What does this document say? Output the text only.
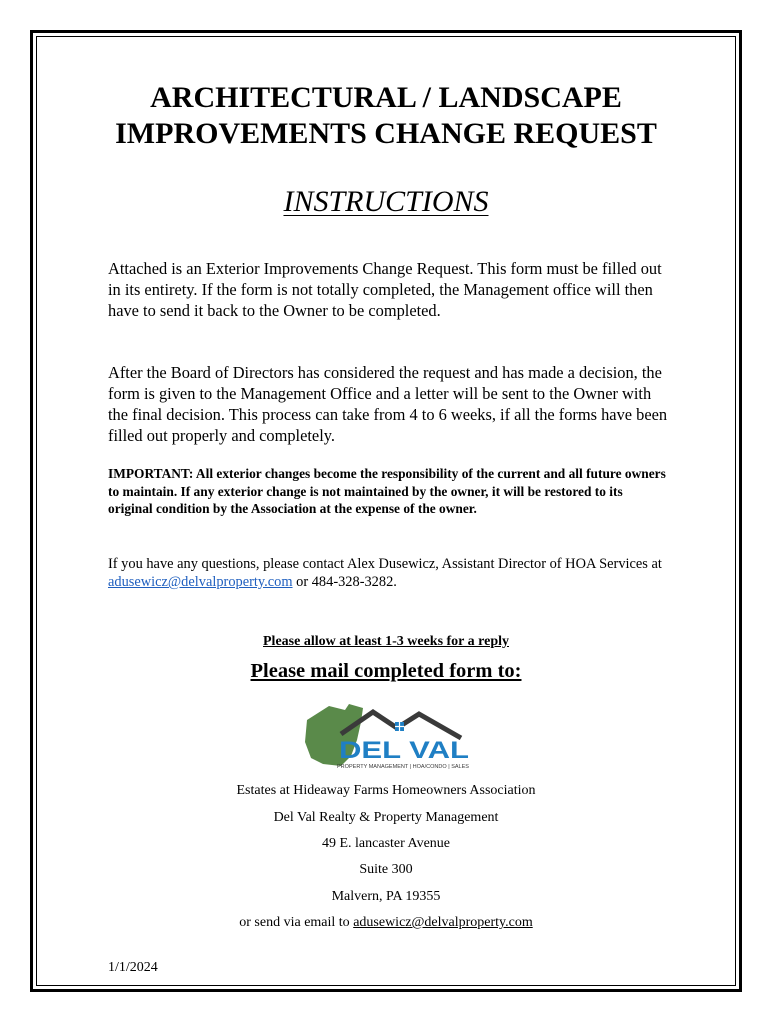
ARCHITECTURAL / LANDSCAPE
IMPROVEMENTS CHANGE REQUEST
INSTRUCTIONS
Attached is an Exterior Improvements Change Request. This form must be filled out in its entirety. If the form is not totally completed, the Management office will then have to send it back to the Owner to be completed.
After the Board of Directors has considered the request and has made a decision, the form is given to the Management Office and a letter will be sent to the Owner with the final decision. This process can take from 4 to 6 weeks, if all the forms have been filled out properly and completely.
IMPORTANT: All exterior changes become the responsibility of the current and all future owners to maintain. If any exterior change is not maintained by the owner, it will be restored to its original condition by the Association at the expense of the owner.
If you have any questions, please contact Alex Dusewicz, Assistant Director of HOA Services at adusewicz@delvalproperty.com or 484-328-3282.
Please allow at least 1-3 weeks for a reply
Please mail completed form to:
DEL VAL
PROPERTY MANAGEMENT | HOA/CONDO | SALES
Estates at Hideaway Farms Homeowners Association
Del Val Realty & Property Management
49 E. lancaster Avenue
Suite 300
Malvern, PA 19355
or send via email to adusewicz@delvalproperty.com
1/1/2024
